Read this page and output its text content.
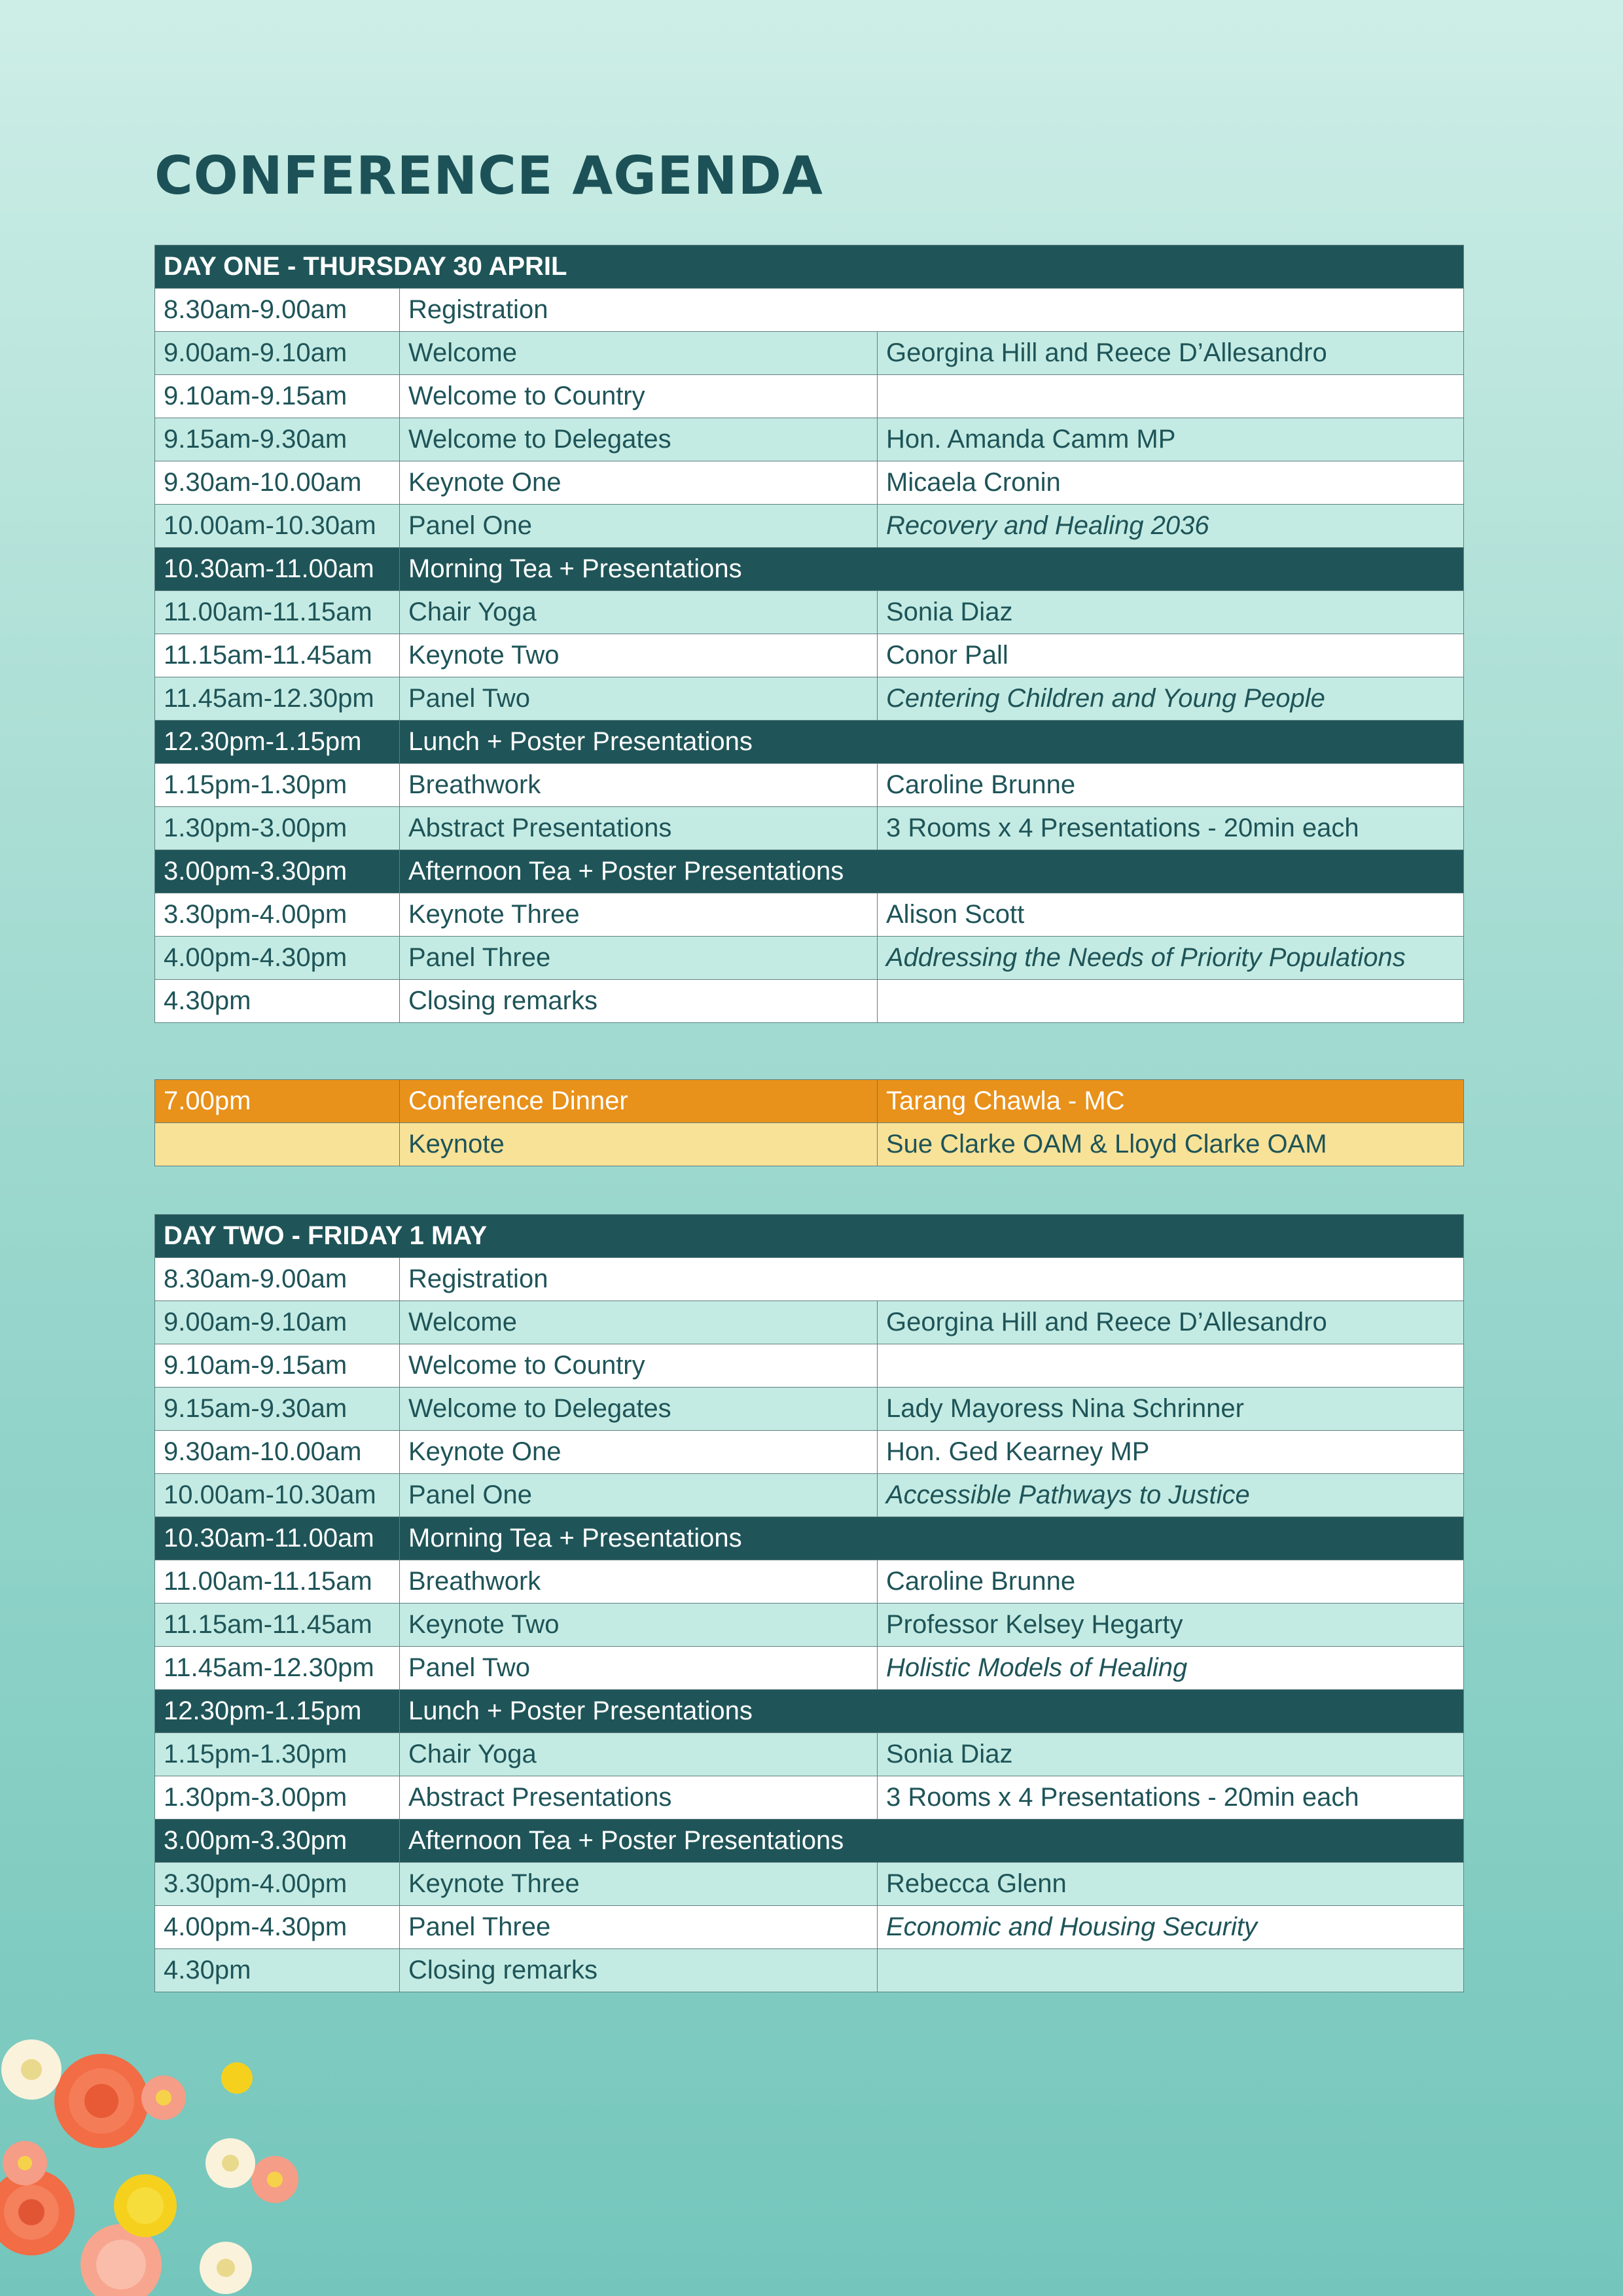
CONFERENCE AGENDA
DAY ONE - THURSDAY 30 APRIL		
8.30am-9.00am	Registration	
9.00am-9.10am	Welcome	Georgina Hill and Reece D’Allesandro
9.10am-9.15am	Welcome to Country	
9.15am-9.30am	Welcome to Delegates	Hon. Amanda Camm MP
9.30am-10.00am	Keynote One	Micaela Cronin
10.00am-10.30am	Panel One	Recovery and Healing 2036
10.30am-11.00am	Morning Tea + Presentations	
11.00am-11.15am	Chair Yoga	Sonia Diaz
11.15am-11.45am	Keynote Two	Conor Pall
11.45am-12.30pm	Panel Two	Centering Children and Young People
12.30pm-1.15pm	Lunch + Poster Presentations	
1.15pm-1.30pm	Breathwork	Caroline Brunne
1.30pm-3.00pm	Abstract Presentations	3 Rooms x 4 Presentations - 20min each
3.00pm-3.30pm	Afternoon Tea + Poster Presentations	
3.30pm-4.00pm	Keynote Three	Alison Scott
4.00pm-4.30pm	Panel Three	Addressing the Needs of Priority Populations
4.30pm	Closing remarks	
7.00pm	Conference Dinner	Tarang Chawla - MC
	Keynote	Sue Clarke OAM & Lloyd Clarke OAM
DAY TWO - FRIDAY 1 MAY		
8.30am-9.00am	Registration	
9.00am-9.10am	Welcome	Georgina Hill and Reece D’Allesandro
9.10am-9.15am	Welcome to Country	
9.15am-9.30am	Welcome to Delegates	Lady Mayoress Nina Schrinner
9.30am-10.00am	Keynote One	Hon. Ged Kearney MP
10.00am-10.30am	Panel One	Accessible Pathways to Justice
10.30am-11.00am	Morning Tea + Presentations	
11.00am-11.15am	Breathwork	Caroline Brunne
11.15am-11.45am	Keynote Two	Professor Kelsey Hegarty
11.45am-12.30pm	Panel Two	Holistic Models of Healing
12.30pm-1.15pm	Lunch + Poster Presentations	
1.15pm-1.30pm	Chair Yoga	Sonia Diaz
1.30pm-3.00pm	Abstract Presentations	3 Rooms x 4 Presentations - 20min each
3.00pm-3.30pm	Afternoon Tea + Poster Presentations	
3.30pm-4.00pm	Keynote Three	Rebecca Glenn
4.00pm-4.30pm	Panel Three	Economic and Housing Security
4.30pm	Closing remarks	
